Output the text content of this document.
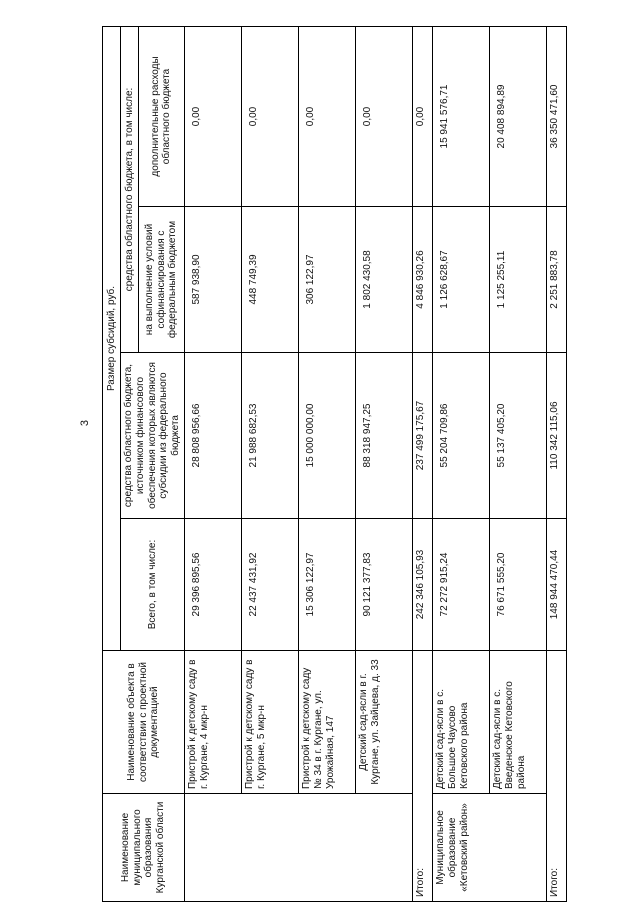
3
Наименование муниципального образования Курганской области	Наименование объекта в соответствии с проектной документацией	Размер субсидий, руб.			
		Всего, в том числе:	средства областного бюджета, источником финансового обеспечения которых являются субсидии из федерального бюджета	средства областного бюджета, в том числе:	
				на выполнение условий софинансирования с федеральным бюджетом	дополнительные расходы областного бюджета
	Пристрой к детскому саду в г. Кургане, 4 мкр-н	29 396 895,56	28 808 956,66	587 938,90	0,00
	Пристрой к детскому саду в г. Кургане, 5 мкр-н	22 437 431,92	21 988 682,53	448 749,39	0,00
	Пристрой к детскому саду № 34 в г. Кургане, ул. Урожайная, 147	15 306 122,97	15 000 000,00	306 122,97	0,00
	Детский сад-ясли в г. Кургане, ул. Зайцева, д. 33	90 121 377,83	88 318 947,25	1 802 430,58	0,00
Итого:		242 346 105,93	237 499 175,67	4 846 930,26	0,00
Муниципальное образование «Кетовский район»	Детский сад-ясли в с. Большое Чаусово Кетовского района	72 272 915,24	55 204 709,86	1 126 628,67	15 941 576,71
	Детский сад-ясли в с. Введенское Кетовского района	76 671 555,20	55 137 405,20	1 125 255,11	20 408 894,89
Итого:		148 944 470,44	110 342 115,06	2 251 883,78	36 350 471,60
